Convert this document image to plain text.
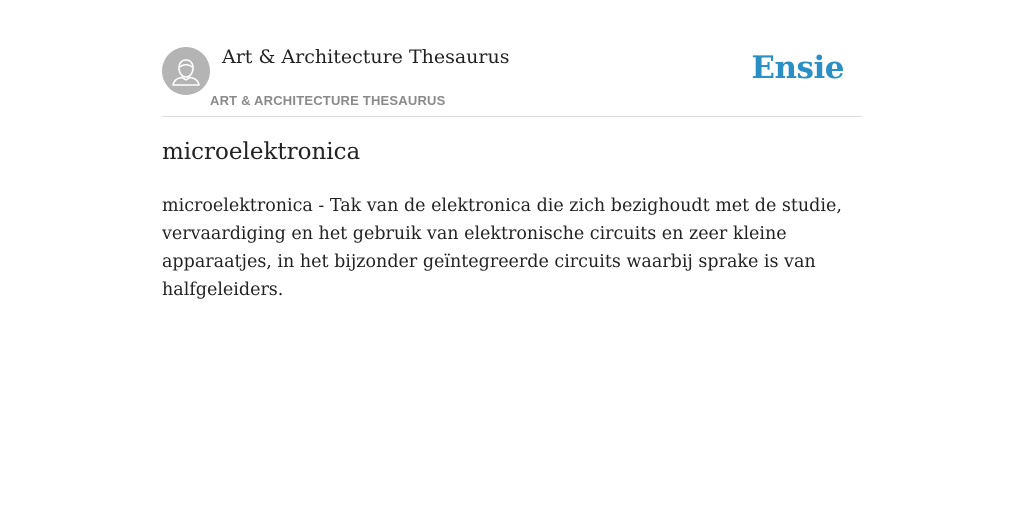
Art & Architecture Thesaurus
ART & ARCHITECTURE THESAURUS
Ensie
microelektronica

microelektronica - Tak van de elektronica die zich bezighoudt met de studie, vervaardiging en het gebruik van elektronische circuits en zeer kleine apparaatjes, in het bijzonder geïntegreerde circuits waarbij sprake is van halfgeleiders.
